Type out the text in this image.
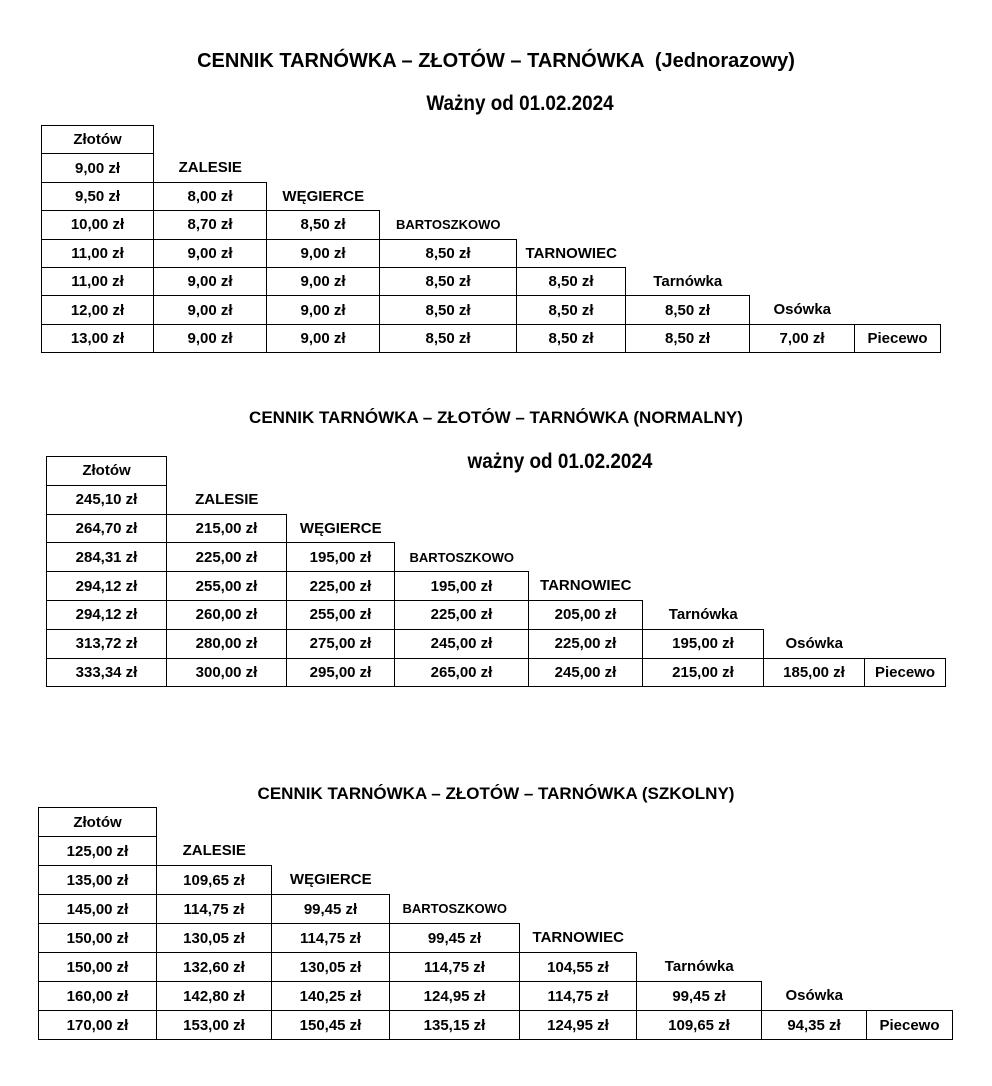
CENNIK TARNÓWKA – ZŁOTÓW – TARNÓWKA  (Jednorazowy)
Ważny od 01.02.2024
Złotów							
9,00 zł	ZALESIE						
9,50 zł	8,00 zł	WĘGIERCE					
10,00 zł	8,70 zł	8,50 zł	BARTOSZKOWO				
11,00 zł	9,00 zł	9,00 zł	8,50 zł	TARNOWIEC			
11,00 zł	9,00 zł	9,00 zł	8,50 zł	8,50 zł	Tarnówka		
12,00 zł	9,00 zł	9,00 zł	8,50 zł	8,50 zł	8,50 zł	Osówka	
13,00 zł	9,00 zł	9,00 zł	8,50 zł	8,50 zł	8,50 zł	7,00 zł	Piecewo
CENNIK TARNÓWKA – ZŁOTÓW – TARNÓWKA (NORMALNY)
ważny od 01.02.2024
Złotów							
245,10 zł	ZALESIE						
264,70 zł	215,00 zł	WĘGIERCE					
284,31 zł	225,00 zł	195,00 zł	BARTOSZKOWO				
294,12 zł	255,00 zł	225,00 zł	195,00 zł	TARNOWIEC			
294,12 zł	260,00 zł	255,00 zł	225,00 zł	205,00 zł	Tarnówka		
313,72 zł	280,00 zł	275,00 zł	245,00 zł	225,00 zł	195,00 zł	Osówka	
333,34 zł	300,00 zł	295,00 zł	265,00 zł	245,00 zł	215,00 zł	185,00 zł	Piecewo
CENNIK TARNÓWKA – ZŁOTÓW – TARNÓWKA (SZKOLNY)
Złotów							
125,00 zł	ZALESIE						
135,00 zł	109,65 zł	WĘGIERCE					
145,00 zł	114,75 zł	99,45 zł	BARTOSZKOWO				
150,00 zł	130,05 zł	114,75 zł	99,45 zł	TARNOWIEC			
150,00 zł	132,60 zł	130,05 zł	114,75 zł	104,55 zł	Tarnówka		
160,00 zł	142,80 zł	140,25 zł	124,95 zł	114,75 zł	99,45 zł	Osówka	
170,00 zł	153,00 zł	150,45 zł	135,15 zł	124,95 zł	109,65 zł	94,35 zł	Piecewo
